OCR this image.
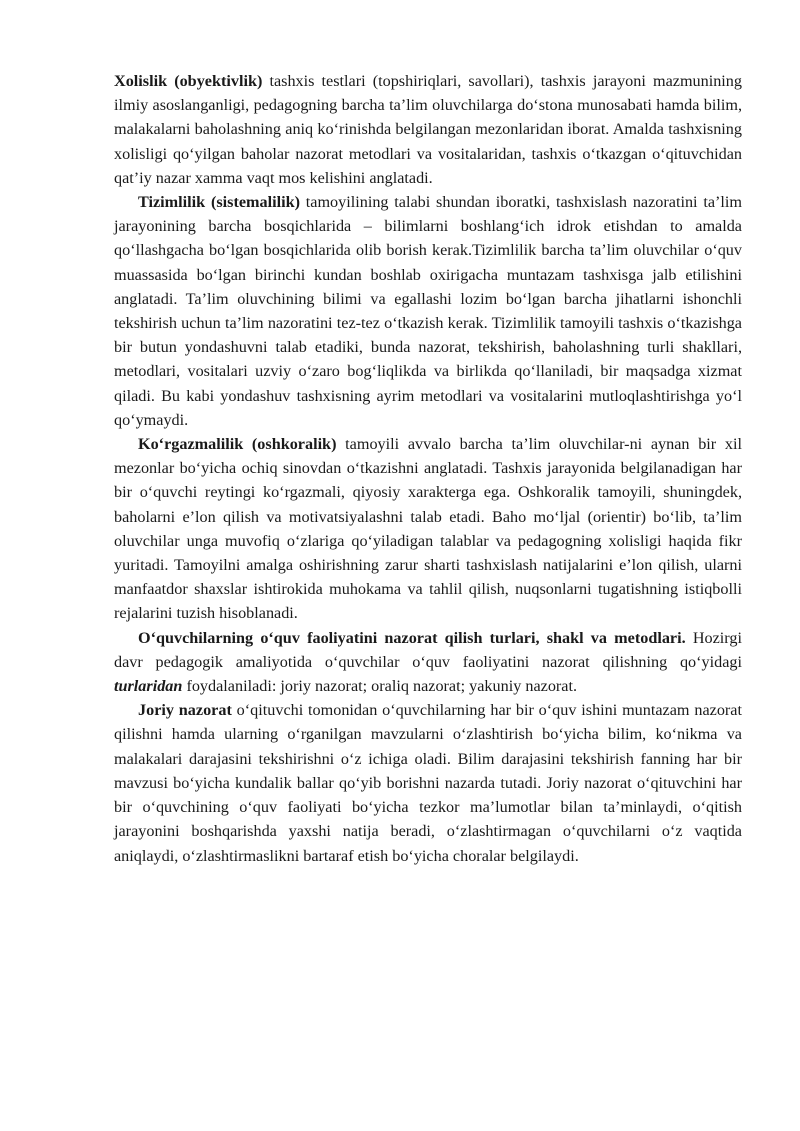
Xolislik (obyektivlik) tashxis testlari (topshiriqlari, savollari), tashxis jarayoni mazmunining ilmiy asoslanganligi, pedagogning barcha ta’lim oluvchilarga do‘stona munosabati hamda bilim, malakalarni baholashning aniq ko‘rinishda belgilangan mezonlaridan iborat. Amalda tashxisning xolisligi qo‘yilgan baholar nazorat metodlari va vositalaridan, tashxis o‘tkazgan o‘qituvchidan qat’iy nazar xamma vaqt mos kelishini anglatadi.

Tizimlilik (sistemalilik) tamoyilining talabi shundan iboratki, tashxislash nazoratini ta’lim jarayonining barcha bosqichlarida – bilimlarni boshlang‘ich idrok etishdan to amalda qo‘llashgacha bo‘lgan bosqichlarida olib borish kerak.Tizimlilik barcha ta’lim oluvchilar o‘quv muassasida bo‘lgan birinchi kundan boshlab oxirigacha muntazam tashxisga jalb etilishini anglatadi. Ta’lim oluvchining bilimi va egallashi lozim bo‘lgan barcha jihatlarni ishonchli tekshirish uchun ta’lim nazoratini tez-tez o‘tkazish kerak. Tizimlilik tamoyili tashxis o‘tkazishga bir butun yondashuvni talab etadiki, bunda nazorat, tekshirish, baholashning turli shakllari, metodlari, vositalari uzviy o‘zaro bog‘liqlikda va birlikda qo‘llaniladi, bir maqsadga xizmat qiladi. Bu kabi yondashuv tashxisning ayrim metodlari va vositalarini mutloqlashtirishga yo‘l qo‘ymaydi.

Ko‘rgazmalilik (oshkoralik) tamoyili avvalo barcha ta’lim oluvchilar-ni aynan bir xil mezonlar bo‘yicha ochiq sinovdan o‘tkazishni anglatadi. Tashxis jarayonida belgilanadigan har bir o‘quvchi reytingi ko‘rgazmali, qiyosiy xarakterga ega. Oshkoralik tamoyili, shuningdek, baholarni e’lon qilish va motivatsiyalashni talab etadi. Baho mo‘ljal (orientir) bo‘lib, ta’lim oluvchilar unga muvofiq o‘zlariga qo‘yiladigan talablar va pedagogning xolisligi haqida fikr yuritadi. Tamoyilni amalga oshirishning zarur sharti tashxislash natijalarini e’lon qilish, ularni manfaatdor shaxslar ishtirokida muhokama va tahlil qilish, nuqsonlarni tugatishning istiqbolli rejalarini tuzish hisoblanadi.

O‘quvchilarning o‘quv faoliyatini nazorat qilish turlari, shakl va metodlari. Hozirgi davr pedagogik amaliyotida o‘quvchilar o‘quv faoliyatini nazorat qilishning qo‘yidagi turlaridan foydalaniladi: joriy nazorat; oraliq nazorat; yakuniy nazorat.

Joriy nazorat o‘qituvchi tomonidan o‘quvchilarning har bir o‘quv ishini muntazam nazorat qilishni hamda ularning o‘rganilgan mavzularni o‘zlashtirish bo‘yicha bilim, ko‘nikma va malakalari darajasini tekshirishni o‘z ichiga oladi. Bilim darajasini tekshirish fanning har bir mavzusi bo‘yicha kundalik ballar qo‘yib borishni nazarda tutadi. Joriy nazorat o‘qituvchini har bir o‘quvchining o‘quv faoliyati bo‘yicha tezkor ma’lumotlar bilan ta’minlaydi, o‘qitish jarayonini boshqarishda yaxshi natija beradi, o‘zlashtirmagan o‘quvchilarni o‘z vaqtida aniqlaydi, o‘zlashtirmaslikni bartaraf etish bo‘yicha choralar belgilaydi.
